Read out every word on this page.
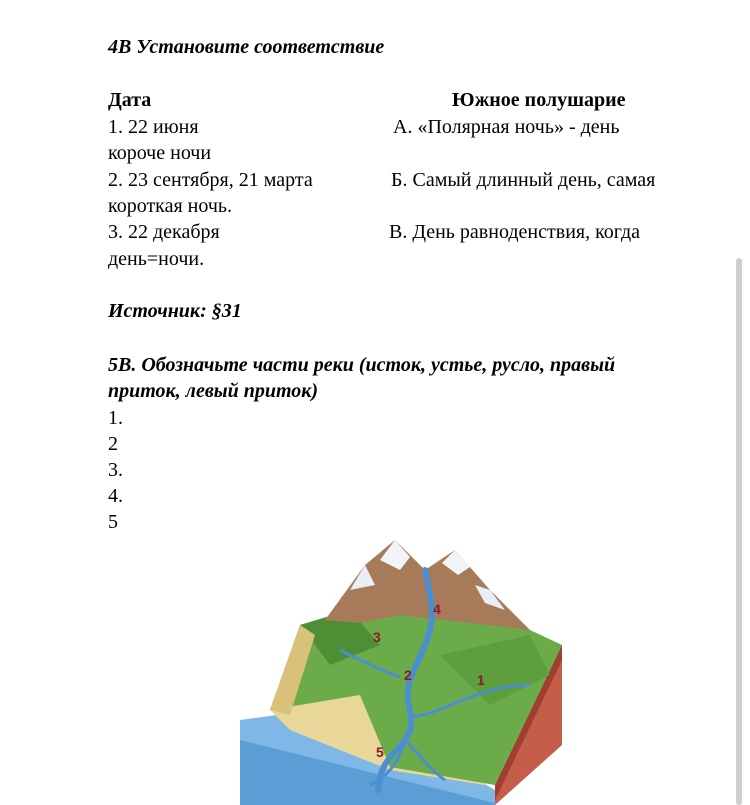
4В Установите соответствие
Дата	Южное полушарие
1. 22 июня	А. «Полярная ночь» - день
короче ночи
2. 23 сентября, 21 марта	Б. Самый длинный день, самая
короткая ночь.
3. 22 декабря	В. День равноденствия, когда
день=ночи.
Источник: §31
5В. Обозначьте части реки (исток, устье, русло, правый
приток, левый приток)
1.
2
3.
4.
5
1
2
3
4
5
